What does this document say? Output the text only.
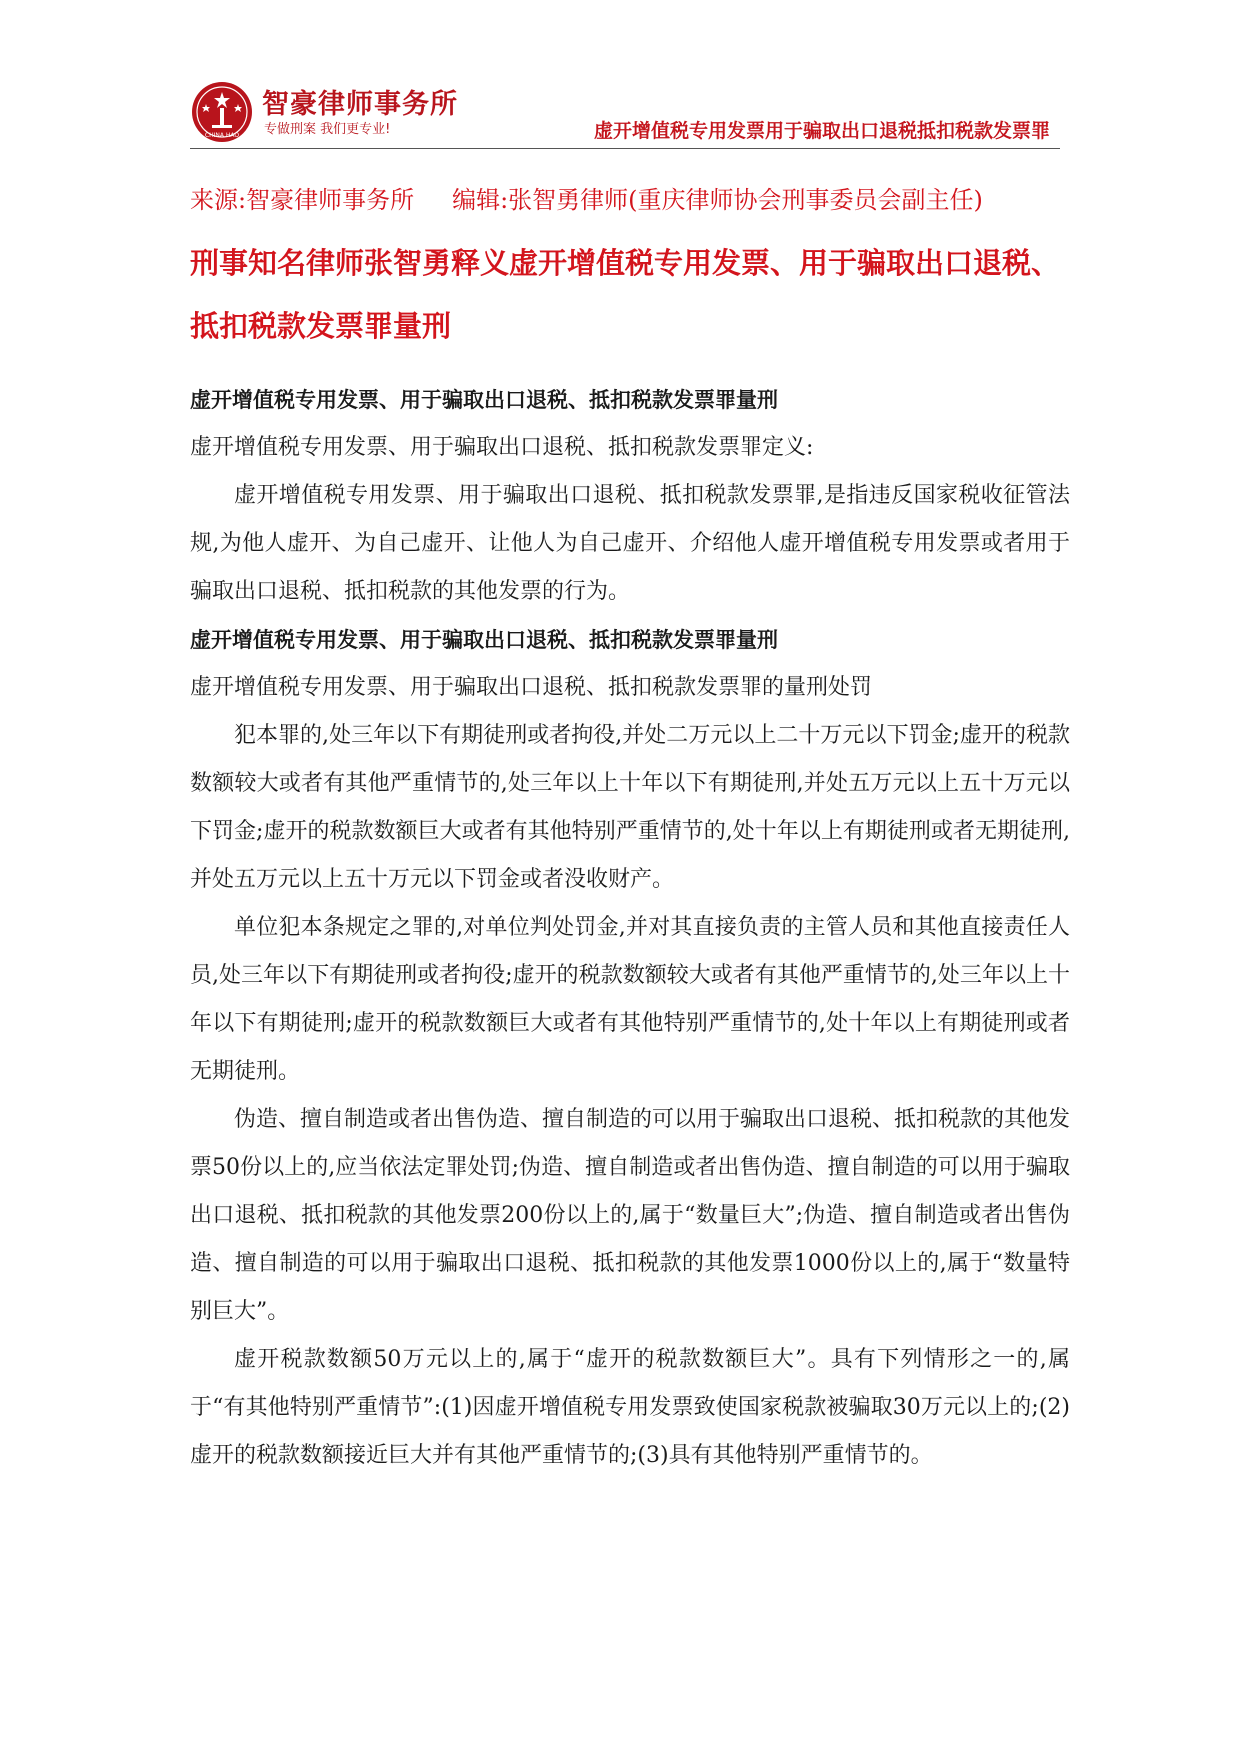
CHINA HAO
智豪律师事务所
专做刑案 我们更专业!	虚开增值税专用发票用于骗取出口退税抵扣税款发票罪

来源:智豪律师事务所 编辑:张智勇律师(重庆律师协会刑事委员会副主任)

刑事知名律师张智勇释义虚开增值税专用发票、用于骗取出口退税、抵扣税款发票罪量刑

虚开增值税专用发票、用于骗取出口退税、抵扣税款发票罪量刑

虚开增值税专用发票、用于骗取出口退税、抵扣税款发票罪定义:

虚开增值税专用发票、用于骗取出口退税、抵扣税款发票罪,是指违反国家税收征管法规,为他人虚开、为自己虚开、让他人为自己虚开、介绍他人虚开增值税专用发票或者用于骗取出口退税、抵扣税款的其他发票的行为。

虚开增值税专用发票、用于骗取出口退税、抵扣税款发票罪量刑

虚开增值税专用发票、用于骗取出口退税、抵扣税款发票罪的量刑处罚

犯本罪的,处三年以下有期徒刑或者拘役,并处二万元以上二十万元以下罚金;虚开的税款数额较大或者有其他严重情节的,处三年以上十年以下有期徒刑,并处五万元以上五十万元以下罚金;虚开的税款数额巨大或者有其他特别严重情节的,处十年以上有期徒刑或者无期徒刑,并处五万元以上五十万元以下罚金或者没收财产。

单位犯本条规定之罪的,对单位判处罚金,并对其直接负责的主管人员和其他直接责任人员,处三年以下有期徒刑或者拘役;虚开的税款数额较大或者有其他严重情节的,处三年以上十年以下有期徒刑;虚开的税款数额巨大或者有其他特别严重情节的,处十年以上有期徒刑或者无期徒刑。

伪造、擅自制造或者出售伪造、擅自制造的可以用于骗取出口退税、抵扣税款的其他发票50份以上的,应当依法定罪处罚;伪造、擅自制造或者出售伪造、擅自制造的可以用于骗取出口退税、抵扣税款的其他发票200份以上的,属于“数量巨大”;伪造、擅自制造或者出售伪造、擅自制造的可以用于骗取出口退税、抵扣税款的其他发票1000份以上的,属于“数量特别巨大”。

虚开税款数额50万元以上的,属于“虚开的税款数额巨大”。具有下列情形之一的,属于“有其他特别严重情节”:(1)因虚开增值税专用发票致使国家税款被骗取30万元以上的;(2)虚开的税款数额接近巨大并有其他严重情节的;(3)具有其他特别严重情节的。
